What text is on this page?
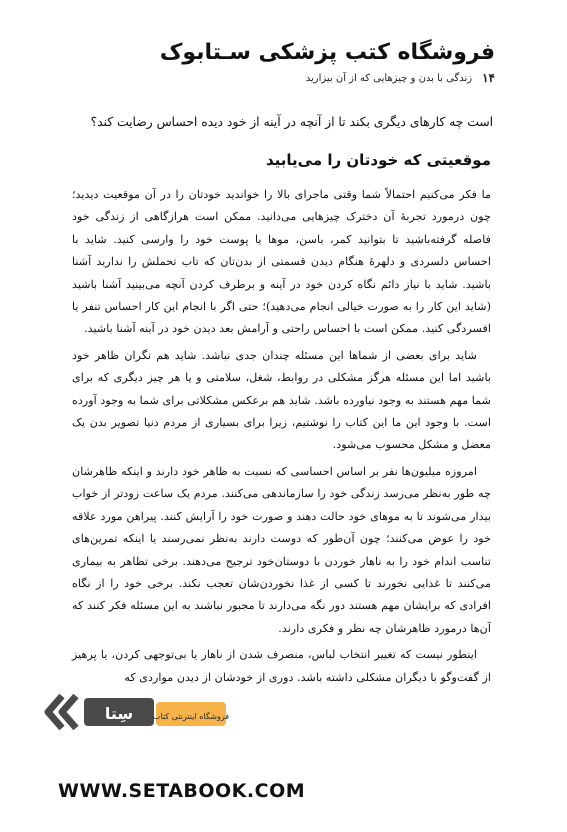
فروشگاه کتب پزشکی سـتابوک
۱۴
زندگی با بدن و چیزهایی که از آن بیزارید
است چه کارهای دیگری بکند تا از آنچه در آینه از خود دیده احساس رضایت کند؟
موقعیتی که خودتان را می‌یابید

ما فکر می‌کنیم احتمالاً شما وقتی ماجرای بالا را خواندید خودتان را در آن موقعیت دیدید؛ چون درمورد تجربهٔ آن دخترک چیزهایی می‌دانید. ممکن است هرازگاهی از زندگی خود فاصله گرفته‌باشید تا بتوانید کمر، باسن، موها یا پوست خود را وارسی کنید. شاید با احساس دلسردی و دلهرهٔ هنگام دیدن قسمتی از بدن‌تان که تاب تحملش را ندارید آشنا باشید. شاید با نیاز دائم نگاه کردن خود در آینه و برطرف کردن آنچه می‌بینید آشنا باشید (شاید این کار را به صورت خیالی انجام می‌دهید)؛ حتی اگر با انجام این کار احساس تنفر یا افسردگی کنید. ممکن است با احساس راحتی و آرامش بعد دیدن خود در آینه آشنا باشید.

شاید برای بعضی از شماها این مسئله چندان جدی نباشد. شاید هم نگران ظاهر خود باشید اما این مسئله هرگز مشکلی در روابط، شغل، سلامتی و یا هر چیز دیگری که برای شما مهم هستند به وجود نیاورده باشد. شاید هم برعکس مشکلاتی برای شما به وجود آورده است. با وجود این ما این کتاب را نوشتیم، زیرا برای بسیاری از مردم دنیا تصویر بدن یک معضل و مشکل محسوب می‌شود.

امروزه میلیون‌ها نفر بر اساس احساسی که نسبت به ظاهر خود دارند و اینکه ظاهرشان چه طور به‌نظر می‌رسد زندگی خود را سازماندهی می‌کنند. مردم یک ساعت زودتر از خواب بیدار می‌شوند تا به موهای خود حالت دهند و صورت خود را آرایش کنند. پیراهن مورد علاقه خود را عوض می‌کنند؛ چون آن‌طور که دوست دارند به‌نظر نمی‌رسند یا اینکه تمرین‌های تناسب اندام خود را به ناهار خوردن با دوستان‌خود ترجیح می‌دهند. برخی تظاهر به بیماری می‌کنند تا غذایی نخورند تا کسی از غذا نخوردن‌شان تعجب نکند. برخی خود را از نگاه افرادی که برایشان مهم هستند دور نگه می‌دارند تا مجبور نباشند به این مسئله فکر کنند که آن‌ها درمورد ظاهرشان چه نظر و فکری دارند.

اینطور نیست که تغییر انتخاب لباس، منصرف شدن از ناهار یا بی‌توجهی کردن، یا پرهیز از گفت‌وگو با دیگران مشکلی داشته باشد. دوری از خودشان از دیدن مواردی که

سِتا فروشگاه اینترنتی کتاب
WWW.SETABOOK.COM
